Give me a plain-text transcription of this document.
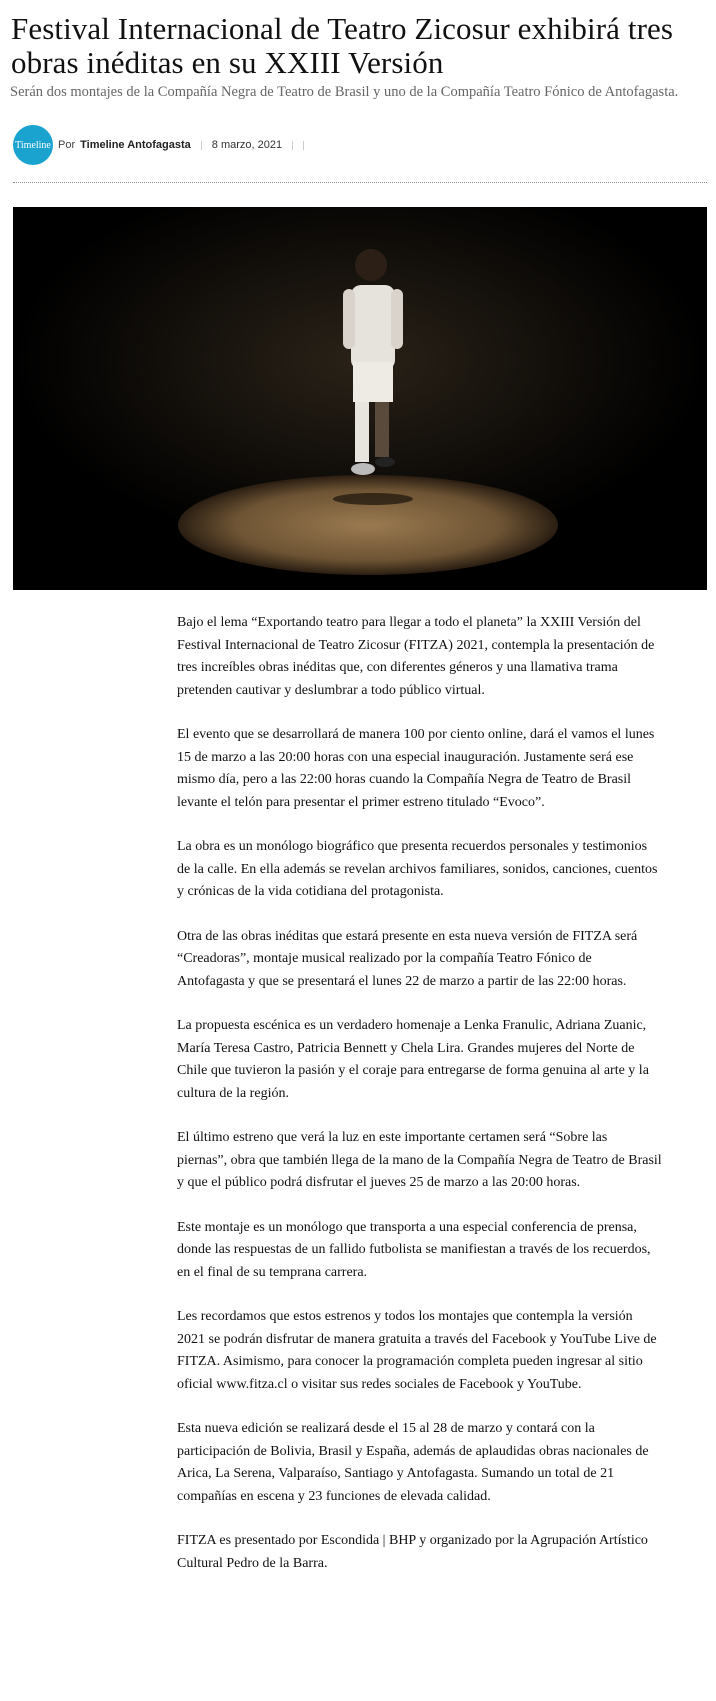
Festival Internacional de Teatro Zicosur exhibirá tres obras inéditas en su XXIII Versión
Serán dos montajes de la Compañía Negra de Teatro de Brasil y uno de la Compañía Teatro Fónico de Antofagasta.
Timeline Por Timeline Antofagasta 8 marzo, 2021

Bajo el lema “Exportando teatro para llegar a todo el planeta” la XXIII Versión del
Festival Internacional de Teatro Zicosur (FITZA) 2021, contempla la presentación de
tres increíbles obras inéditas que, con diferentes géneros y una llamativa trama
pretenden cautivar y deslumbrar a todo público virtual.

El evento que se desarrollará de manera 100 por ciento online, dará el vamos el lunes
15 de marzo a las 20:00 horas con una especial inauguración. Justamente será ese
mismo día, pero a las 22:00 horas cuando la Compañía Negra de Teatro de Brasil
levante el telón para presentar el primer estreno titulado “Evoco”.

La obra es un monólogo biográfico que presenta recuerdos personales y testimonios
de la calle. En ella además se revelan archivos familiares, sonidos, canciones, cuentos
y crónicas de la vida cotidiana del protagonista.

Otra de las obras inéditas que estará presente en esta nueva versión de FITZA será
“Creadoras”, montaje musical realizado por la compañía Teatro Fónico de
Antofagasta y que se presentará el lunes 22 de marzo a partir de las 22:00 horas.

La propuesta escénica es un verdadero homenaje a Lenka Franulic, Adriana Zuanic,
María Teresa Castro, Patricia Bennett y Chela Lira. Grandes mujeres del Norte de
Chile que tuvieron la pasión y el coraje para entregarse de forma genuina al arte y la
cultura de la región.

El último estreno que verá la luz en este importante certamen será “Sobre las
piernas”, obra que también llega de la mano de la Compañía Negra de Teatro de Brasil
y que el público podrá disfrutar el jueves 25 de marzo a las 20:00 horas.

Este montaje es un monólogo que transporta a una especial conferencia de prensa,
donde las respuestas de un fallido futbolista se manifiestan a través de los recuerdos,
en el final de su temprana carrera.

Les recordamos que estos estrenos y todos los montajes que contempla la versión
2021 se podrán disfrutar de manera gratuita a través del Facebook y YouTube Live de
FITZA. Asimismo, para conocer la programación completa pueden ingresar al sitio
oficial www.fitza.cl o visitar sus redes sociales de Facebook y YouTube.

Esta nueva edición se realizará desde el 15 al 28 de marzo y contará con la
participación de Bolivia, Brasil y España, además de aplaudidas obras nacionales de
Arica, La Serena, Valparaíso, Santiago y Antofagasta. Sumando un total de 21
compañías en escena y 23 funciones de elevada calidad.

FITZA es presentado por Escondida | BHP y organizado por la Agrupación Artístico
Cultural Pedro de la Barra.
